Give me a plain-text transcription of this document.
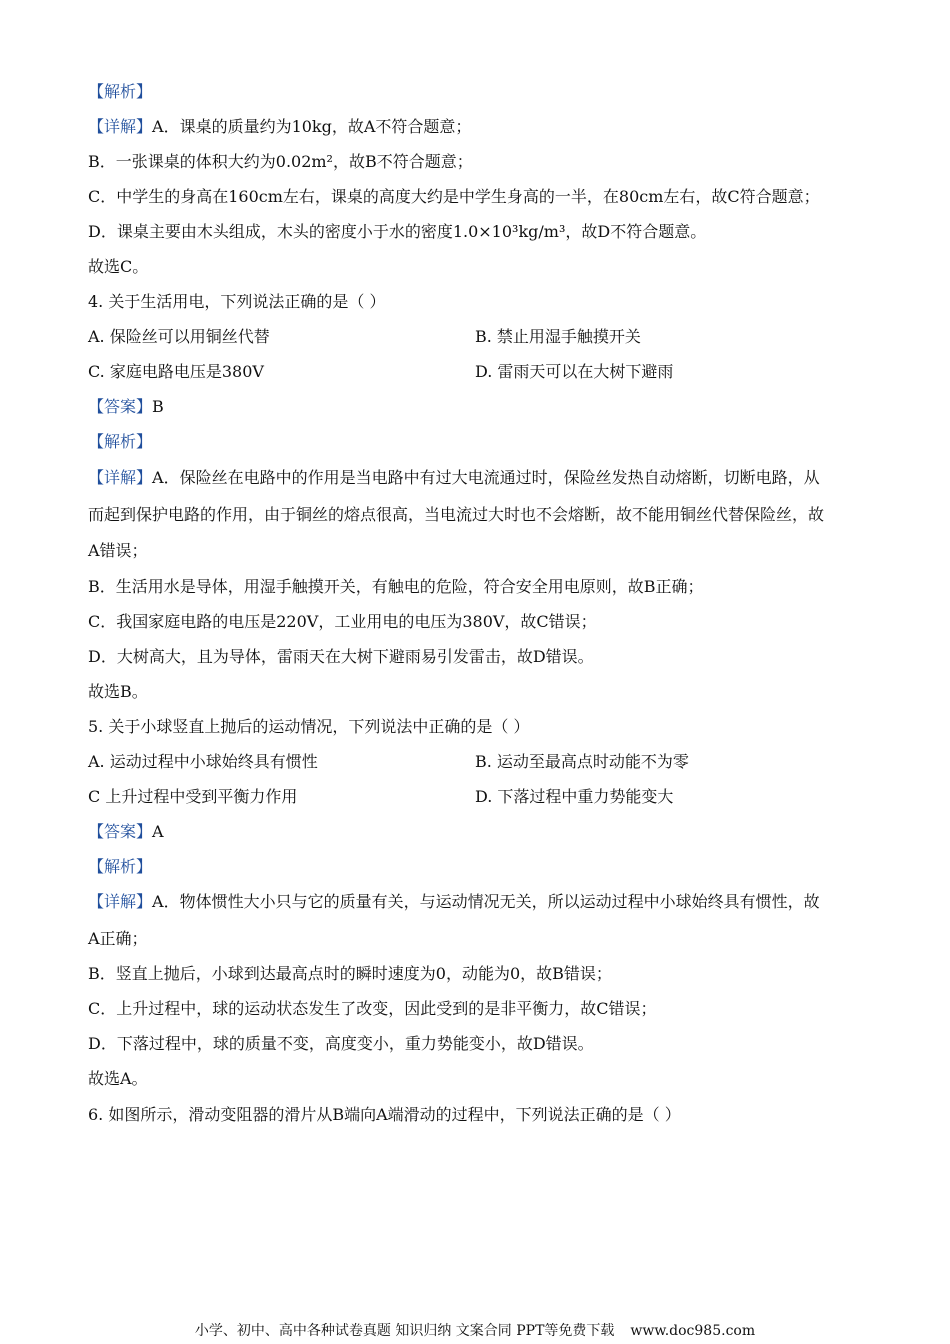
【解析】
【详解】A．课桌的质量约为10kg，故A不符合题意；
B．一张课桌的体积大约为0.02m²，故B不符合题意；
C．中学生的身高在160cm左右，课桌的高度大约是中学生身高的一半，在80cm左右，故C符合题意；
D．课桌主要由木头组成，木头的密度小于水的密度1.0×10³kg/m³，故D不符合题意。
故选C。
4. 关于生活用电，下列说法正确的是（ ）
A. 保险丝可以用铜丝代替	B. 禁止用湿手触摸开关
C. 家庭电路电压是380V	D. 雷雨天可以在大树下避雨
【答案】B
【解析】
【详解】A．保险丝在电路中的作用是当电路中有过大电流通过时，保险丝发热自动熔断，切断电路，从
而起到保护电路的作用，由于铜丝的熔点很高，当电流过大时也不会熔断，故不能用铜丝代替保险丝，故
A错误；
B．生活用水是导体，用湿手触摸开关，有触电的危险，符合安全用电原则，故B正确；
C．我国家庭电路的电压是220V，工业用电的电压为380V，故C错误；
D．大树高大，且为导体，雷雨天在大树下避雨易引发雷击，故D错误。
故选B。
5. 关于小球竖直上抛后的运动情况，下列说法中正确的是（ ）
A. 运动过程中小球始终具有惯性	B. 运动至最高点时动能不为零
C 上升过程中受到平衡力作用	D. 下落过程中重力势能变大
【答案】A
【解析】
【详解】A．物体惯性大小只与它的质量有关，与运动情况无关，所以运动过程中小球始终具有惯性，故
A正确；
B．竖直上抛后，小球到达最高点时的瞬时速度为0，动能为0，故B错误；
C．上升过程中，球的运动状态发生了改变，因此受到的是非平衡力，故C错误；
D．下落过程中，球的质量不变，高度变小，重力势能变小，故D错误。
故选A。
6. 如图所示，滑动变阻器的滑片从B端向A端滑动的过程中，下列说法正确的是（ ）
小学、初中、高中各种试卷真题 知识归纳 文案合同 PPT等免费下载 www.doc985.com
